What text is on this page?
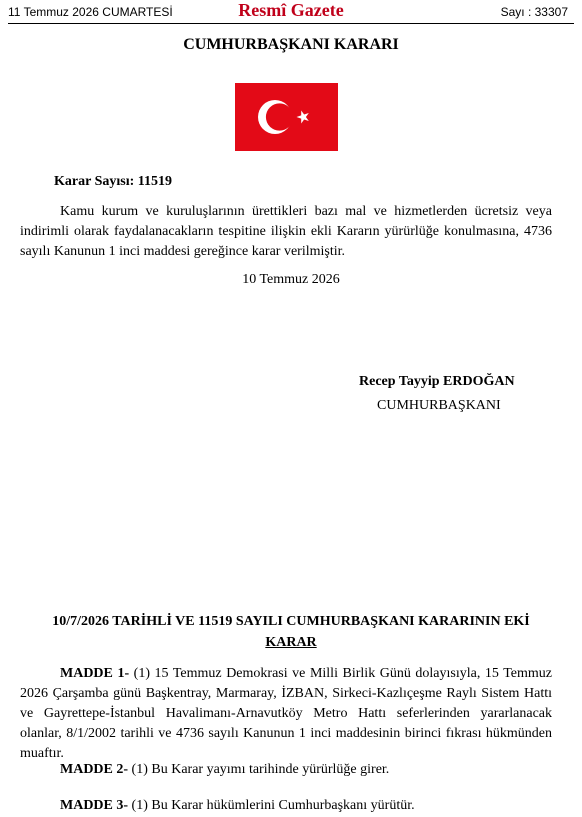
11 Temmuz 2026 CUMARTESİ	Resmî Gazete	Sayı : 33307
CUMHURBAŞKANI KARARI
Karar Sayısı: 11519

Kamu kurum ve kuruluşlarının ürettikleri bazı mal ve hizmetlerden ücretsiz veya indirimli olarak faydalanacakların tespitine ilişkin ekli Kararın yürürlüğe konulmasına, 4736 sayılı Kanunun 1 inci maddesi gereğince karar verilmiştir.

10 Temmuz 2026
Recep Tayyip ERDOĞAN
CUMHURBAŞKANI
10/7/2026 TARİHLİ VE 11519 SAYILI CUMHURBAŞKANI KARARININ EKİ
KARAR

MADDE 1- (1) 15 Temmuz Demokrasi ve Milli Birlik Günü dolayısıyla, 15 Temmuz 2026 Çarşamba günü Başkentray, Marmaray, İZBAN, Sirkeci-Kazlıçeşme Raylı Sistem Hattı ve Gayrettepe-İstanbul Havalimanı-Arnavutköy Metro Hattı seferlerinden yararlanacak olanlar, 8/1/2002 tarihli ve 4736 sayılı Kanunun 1 inci maddesinin birinci fıkrası hükmünden muaftır.

MADDE 2- (1) Bu Karar yayımı tarihinde yürürlüğe girer.

MADDE 3- (1) Bu Karar hükümlerini Cumhurbaşkanı yürütür.
